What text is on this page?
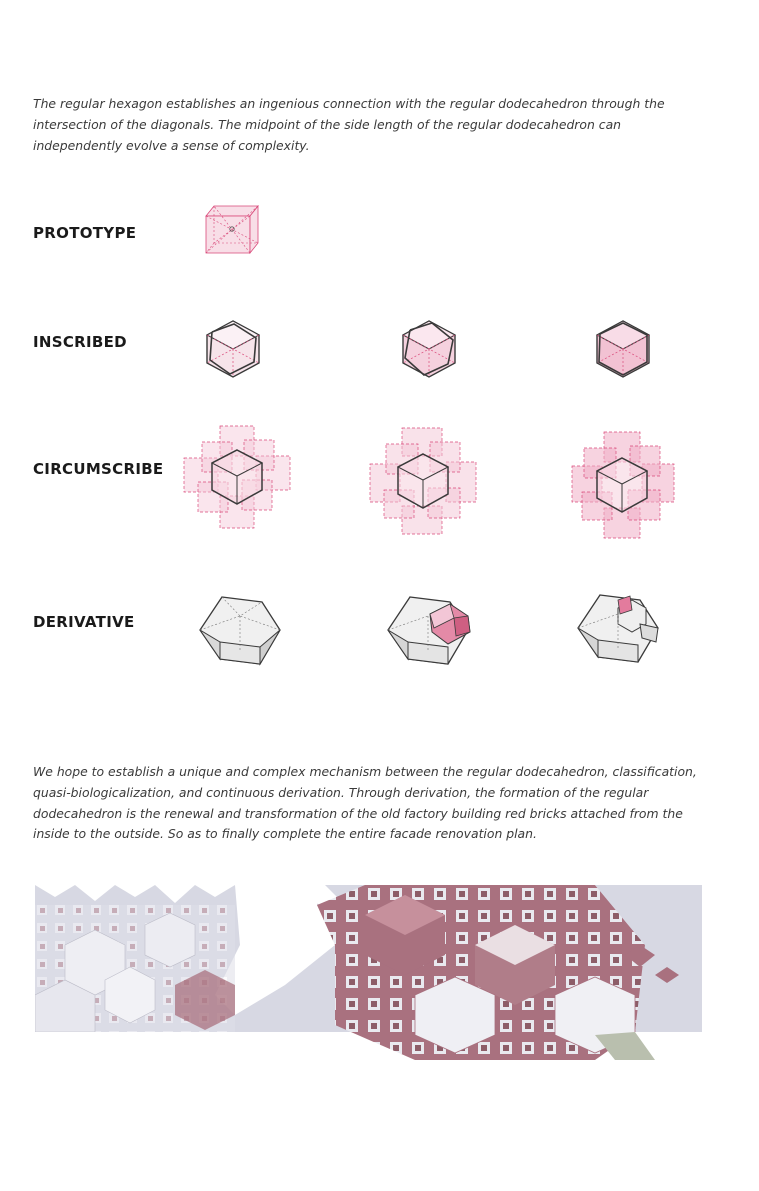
The regular hexagon establishes an ingenious connection with the regular dodecahedron through the intersection of the diagonals. The midpoint of the side length of the regular dodecahedron can independently evolve a sense of complexity.

PROTOTYPE
INSCRIBED
CIRCUMSCRIBE
DERIVATIVE

We hope to establish a unique and complex mechanism between the regular dodecahedron, classification, quasi-biologicalization, and continuous derivation. Through derivation, the formation of the regular dodecahedron is the renewal and transformation of the old factory building red bricks attached from the inside to the outside. So as to finally complete the entire facade renovation plan.
